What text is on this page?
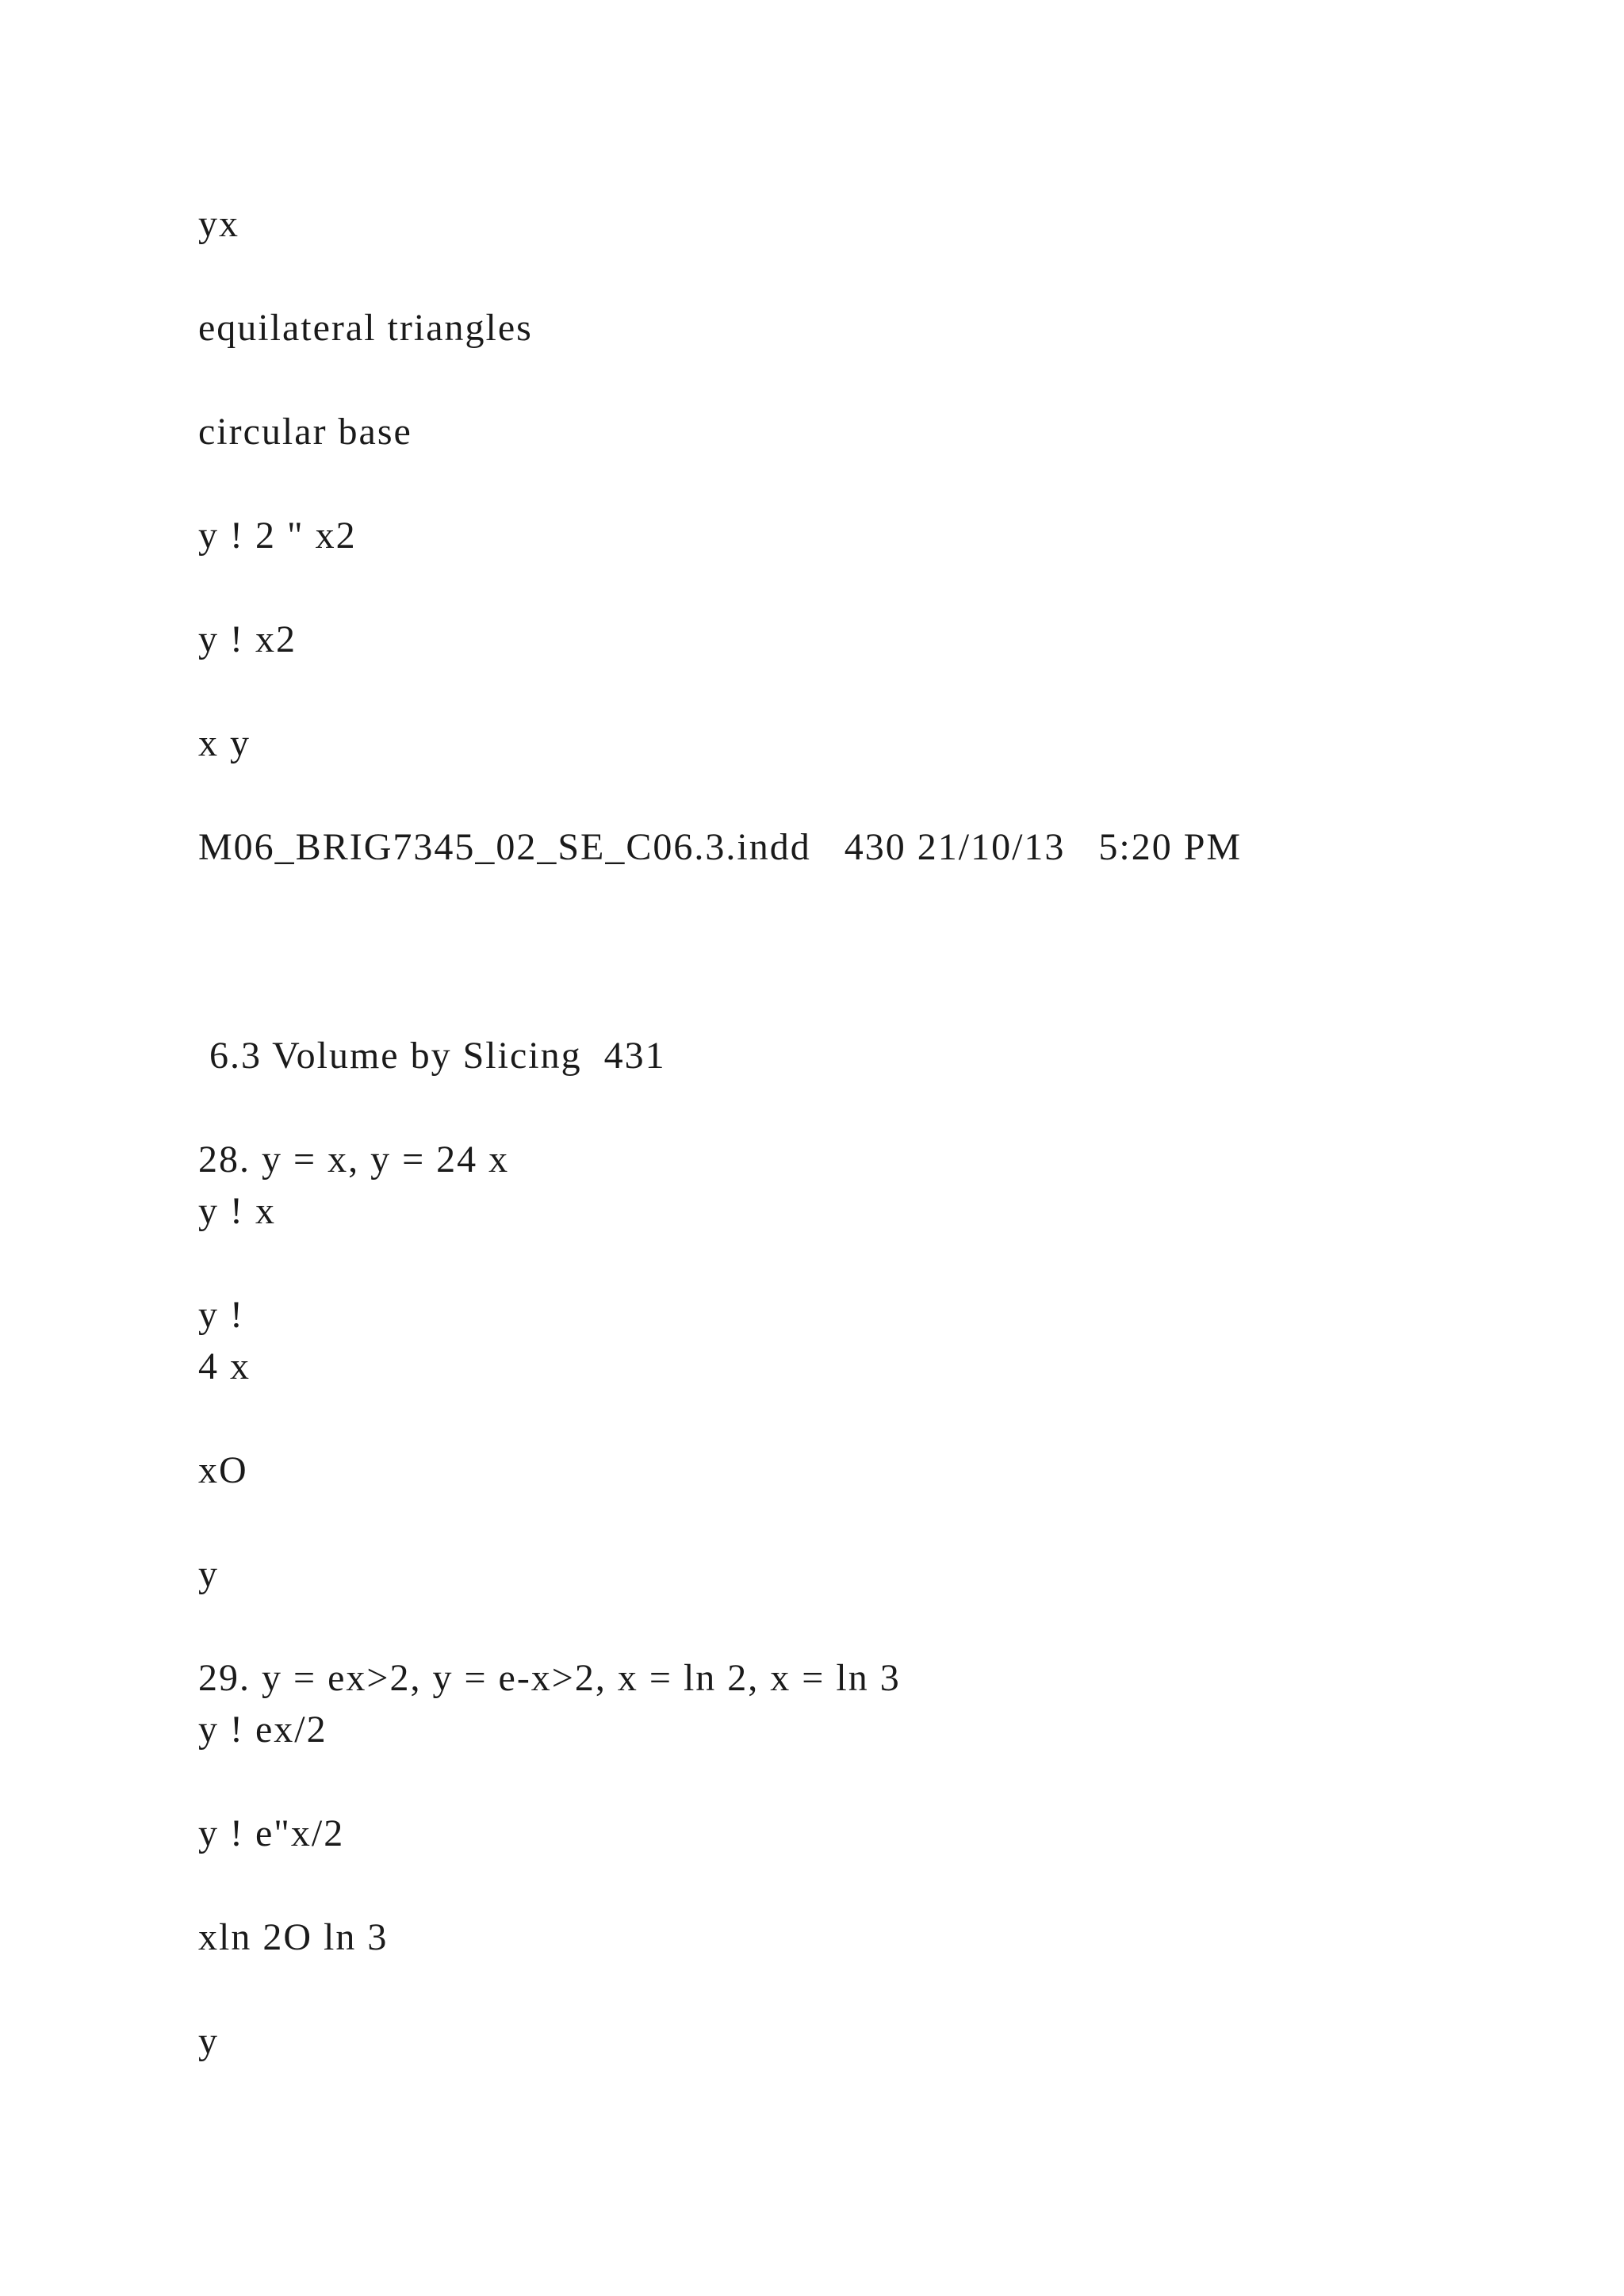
yx
equilateral triangles
circular base
y ! 2 " x2
y ! x2
x y
M06_BRIG7345_02_SE_C06.3.indd   430 21/10/13   5:20 PM
6.3 Volume by Slicing  431
28. y = x, y = 24 x
y ! x
y !
4 x
xO
y
29. y = ex>2, y = e-x>2, x = ln 2, x = ln 3
y ! ex/2
y ! e"x/2
xln 2O ln 3
y
